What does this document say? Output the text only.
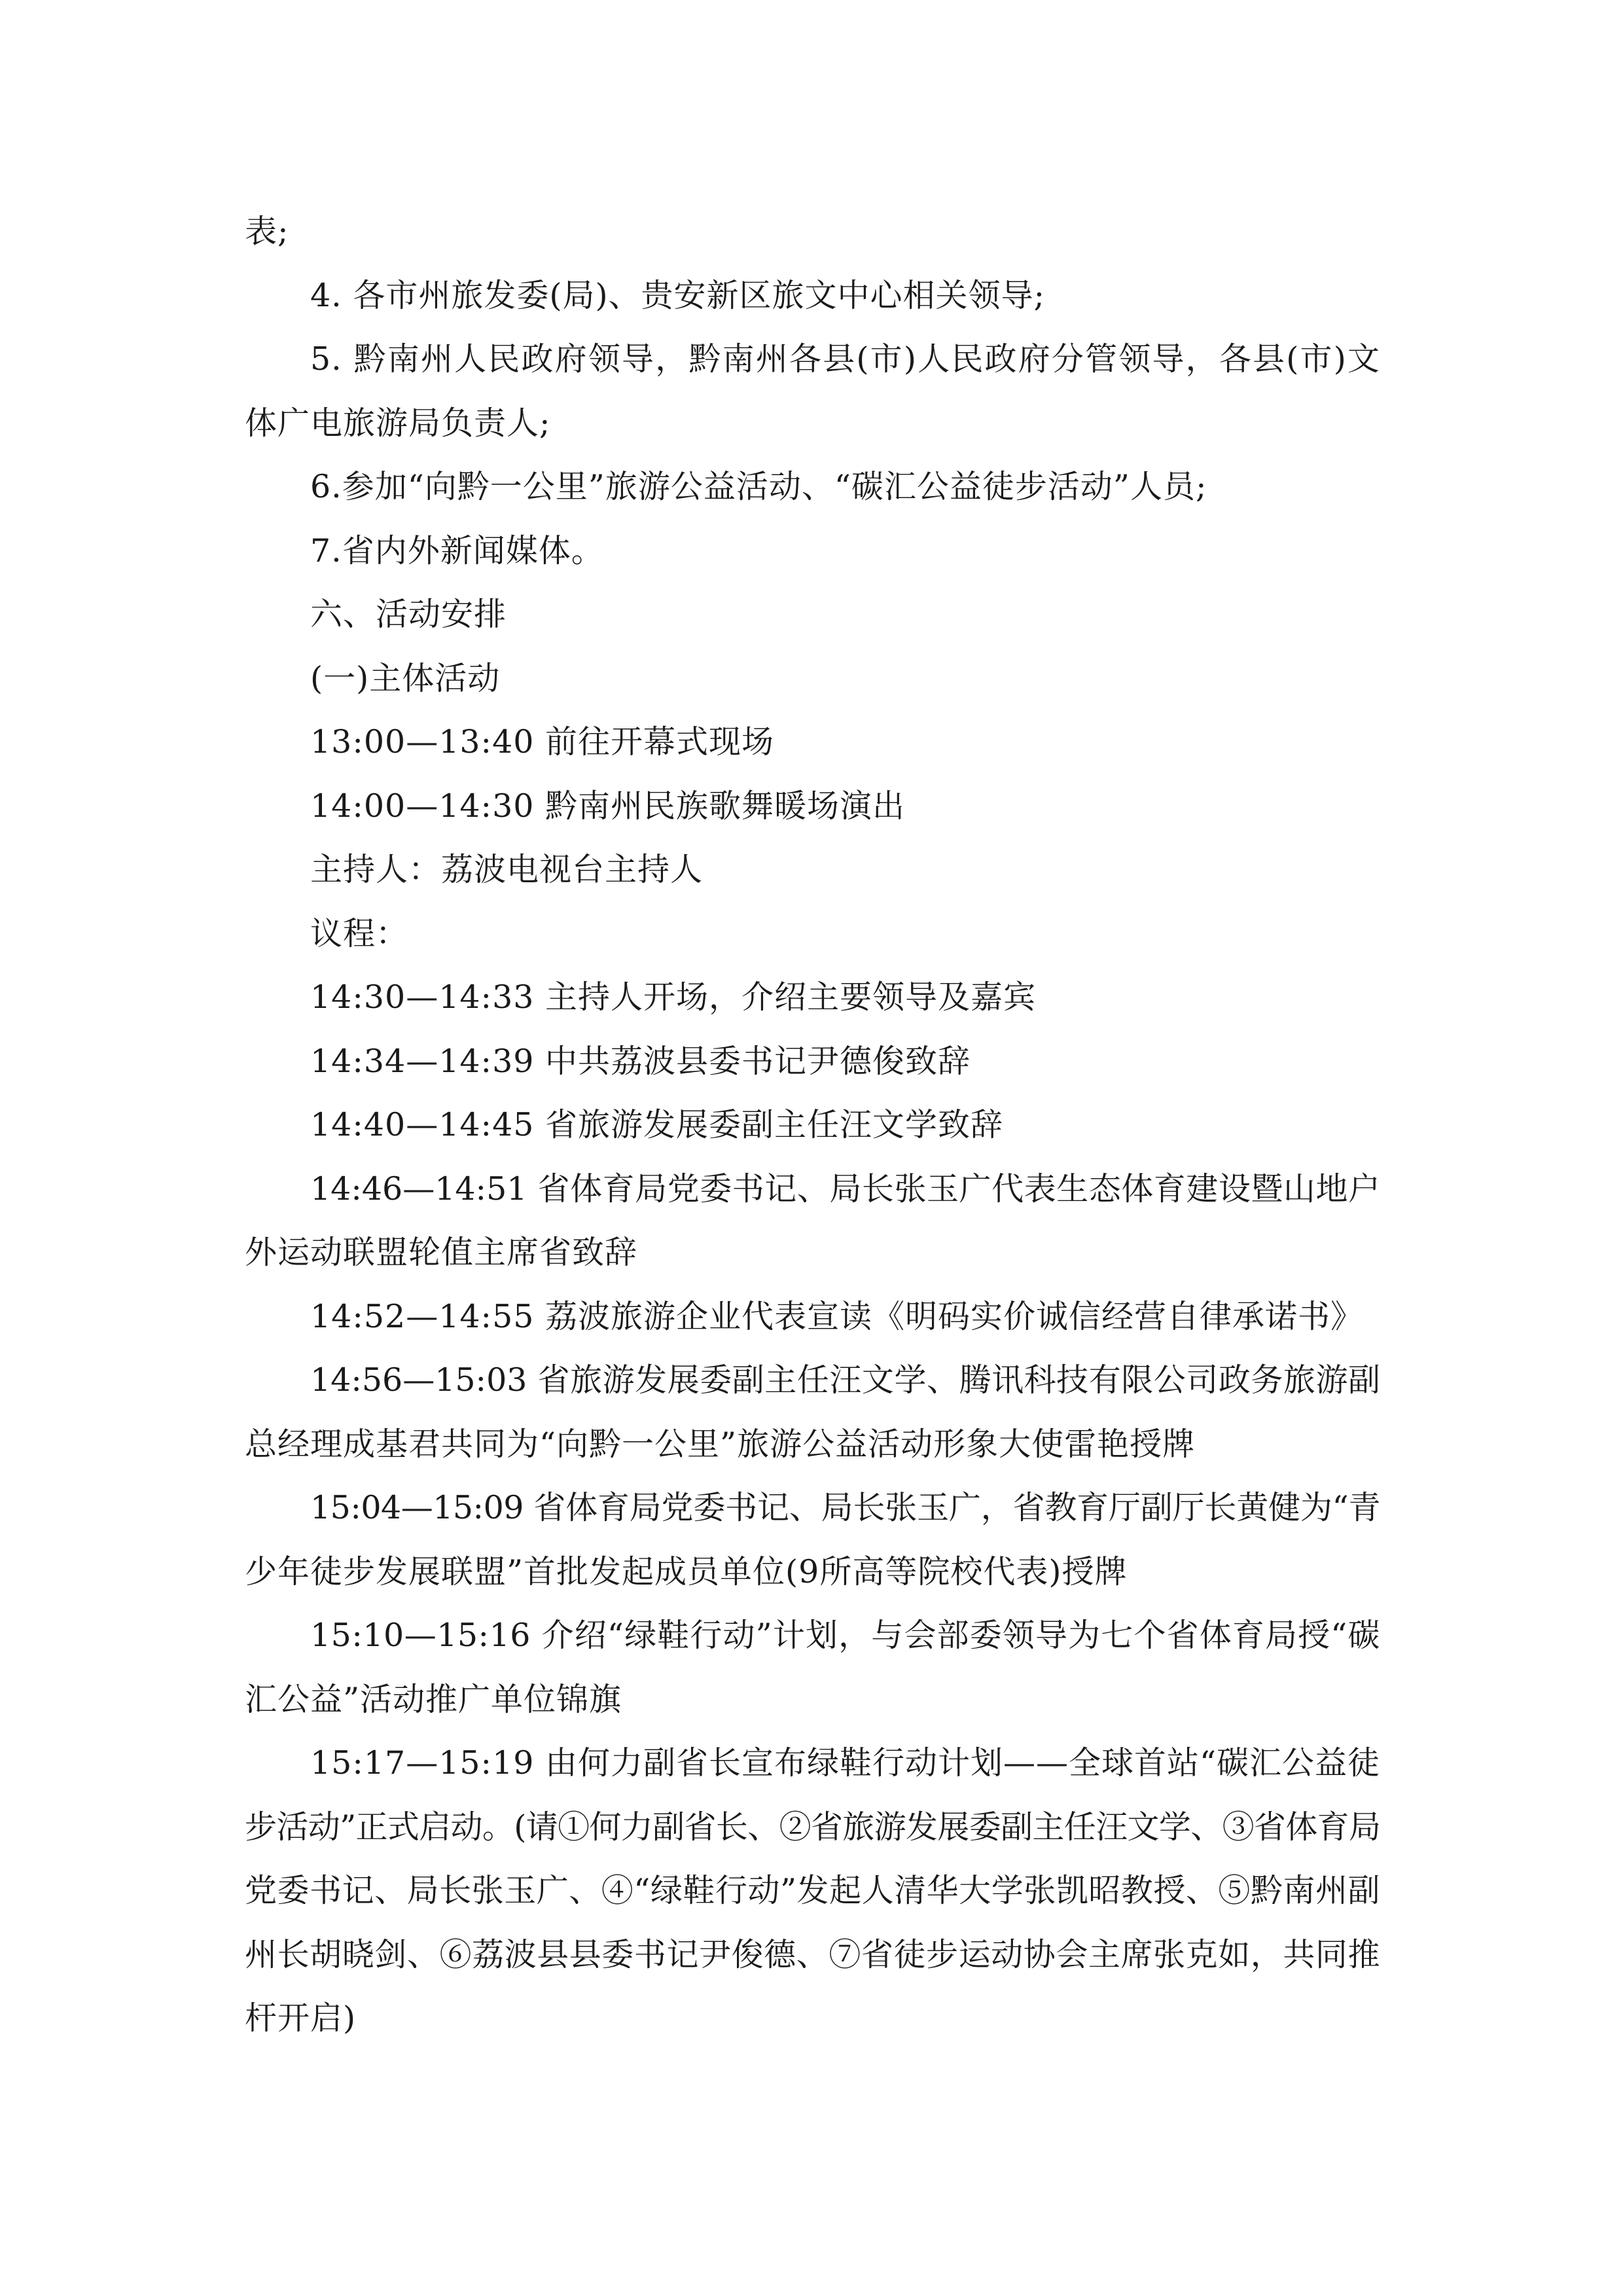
表;
4. 各市州旅发委(局)、贵安新区旅文中心相关领导;
5. 黔南州人民政府领导，黔南州各县(市)人民政府分管领导，各县(市)文
体广电旅游局负责人;
6.参加“向黔一公里”旅游公益活动、“碳汇公益徒步活动”人员;
7.省内外新闻媒体。
六、活动安排
(一)主体活动
13:00—13:40 前往开幕式现场
14:00—14:30 黔南州民族歌舞暖场演出
主持人：荔波电视台主持人
议程：
14:30—14:33 主持人开场，介绍主要领导及嘉宾
14:34—14:39 中共荔波县委书记尹德俊致辞
14:40—14:45 省旅游发展委副主任汪文学致辞
14:46—14:51 省体育局党委书记、局长张玉广代表生态体育建设暨山地户
外运动联盟轮值主席省致辞
14:52—14:55 荔波旅游企业代表宣读《明码实价诚信经营自律承诺书》
14:56—15:03 省旅游发展委副主任汪文学、腾讯科技有限公司政务旅游副
总经理成基君共同为“向黔一公里”旅游公益活动形象大使雷艳授牌
15:04—15:09 省体育局党委书记、局长张玉广，省教育厅副厅长黄健为“青
少年徒步发展联盟”首批发起成员单位(9所高等院校代表)授牌
15:10—15:16 介绍“绿鞋行动”计划，与会部委领导为七个省体育局授“碳
汇公益”活动推广单位锦旗
15:17—15:19 由何力副省长宣布绿鞋行动计划——全球首站“碳汇公益徒
步活动”正式启动。(请①何力副省长、②省旅游发展委副主任汪文学、③省体育局
党委书记、局长张玉广、④“绿鞋行动”发起人清华大学张凯昭教授、⑤黔南州副
州长胡晓剑、⑥荔波县县委书记尹俊德、⑦省徒步运动协会主席张克如，共同推
杆开启)
